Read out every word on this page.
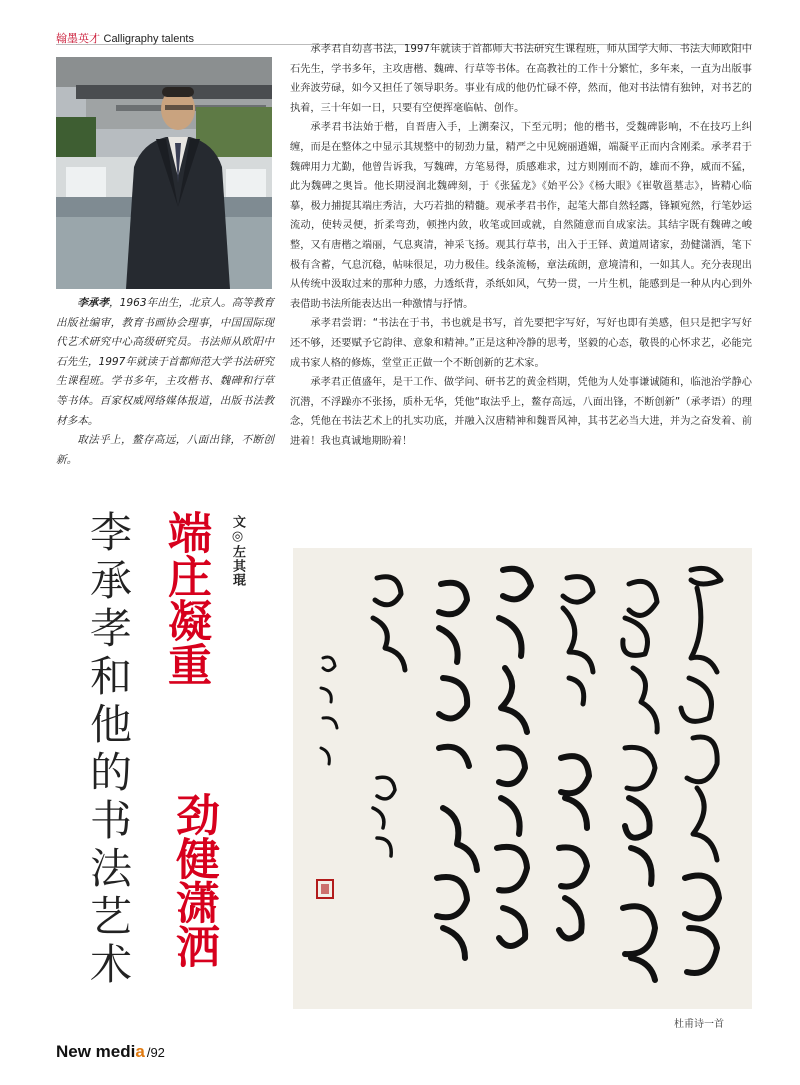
翰墨英才 Calligraphy talents

李承孝，1963年出生，北京人。高等教育出版社编审，教育书画协会理事，中国国际现代艺术研究中心高级研究员。书法师从欧阳中石先生，1997年就读于首都师范大学书法研究生课程班。学书多年，主攻楷书、魏碑和行草等书体。百家权威网络媒体报道，出版书法教材多本。

取法乎上，鳌存高远，八面出锋，不断创新。

承孝君自幼喜书法，1997年就读于首都师大书法研究生课程班，师从国学大师、书法大师欧阳中石先生，学书多年，主攻唐楷、魏碑、行草等书体。在高教社的工作十分繁忙，多年来，一直为出版事业奔波劳碌，如今又担任了领导职务。事业有成的他仍忙碌不停，然而，他对书法情有独钟，对书艺的执着，三十年如一日，只要有空便挥毫临帖、创作。

承孝君书法始于楷，自晋唐入手，上溯秦汉，下至元明；他的楷书，受魏碑影响，不在技巧上纠缠，而是在整体之中显示其规整中的韧劲力量，精严之中见婉丽遒媚，端凝平正而内含刚柔。承孝君于魏碑用力尤勤，他曾告诉我，写魏碑，方笔易得，质感难求，过方则刚而不韵，雄而不狰，威而不猛，此为魏碑之奥旨。他长期浸润北魏碑刻，于《张猛龙》《始平公》《杨大眼》《崔敬邕墓志》，皆精心临摹，极力捕捉其端庄秀洁，大巧若拙的精髓。观承孝君书作，起笔大都自然轻露，锋颖宛然，行笔妙运流动，使转灵便，折柔弯劲，顿挫内敛，收笔或回或就，自然随意而自成家法。其结字既有魏碑之峻整，又有唐楷之端丽，气息爽清，神采飞扬。观其行草书，出入于王铎、黄道周诸家，劲健潇洒，笔下极有含蓄，气息沉稳，帖味很足，功力极佳。线条流畅，章法疏朗，意境清和，一如其人。充分表现出从传统中汲取过来的那种力感，力透纸背，杀纸如风，气势一贯，一片生机，能感到是一种从内心到外表借助书法所能表达出一种激情与抒情。

承孝君尝谓：“书法在于书，书也就是书写，首先要把字写好，写好也即有美感，但只是把字写好还不够，还要赋予它韵律、意象和精神。”正是这种冷静的思考，坚毅的心态，敬畏的心怀求艺，必能完成书家人格的修炼，堂堂正正做一个不断创新的艺术家。

承孝君正值盛年，是干工作、做学问、研书艺的黄金档期，凭他为人处事谦诚随和，临池治学静心沉潜，不浮躁亦不张扬，质朴无华，凭他“取法乎上，鳌存高远，八面出锋，不断创新”（承孝语）的理念，凭他在书法艺术上的扎实功底，并融入汉唐精神和魏晋风神，其书艺必当大进，并为之奋发着、前进着！我也真诚地期盼着！

李承孝和他的书法艺术 端庄凝重
劲健潇洒
文◎左其琨
杜甫诗一首
New media /92
